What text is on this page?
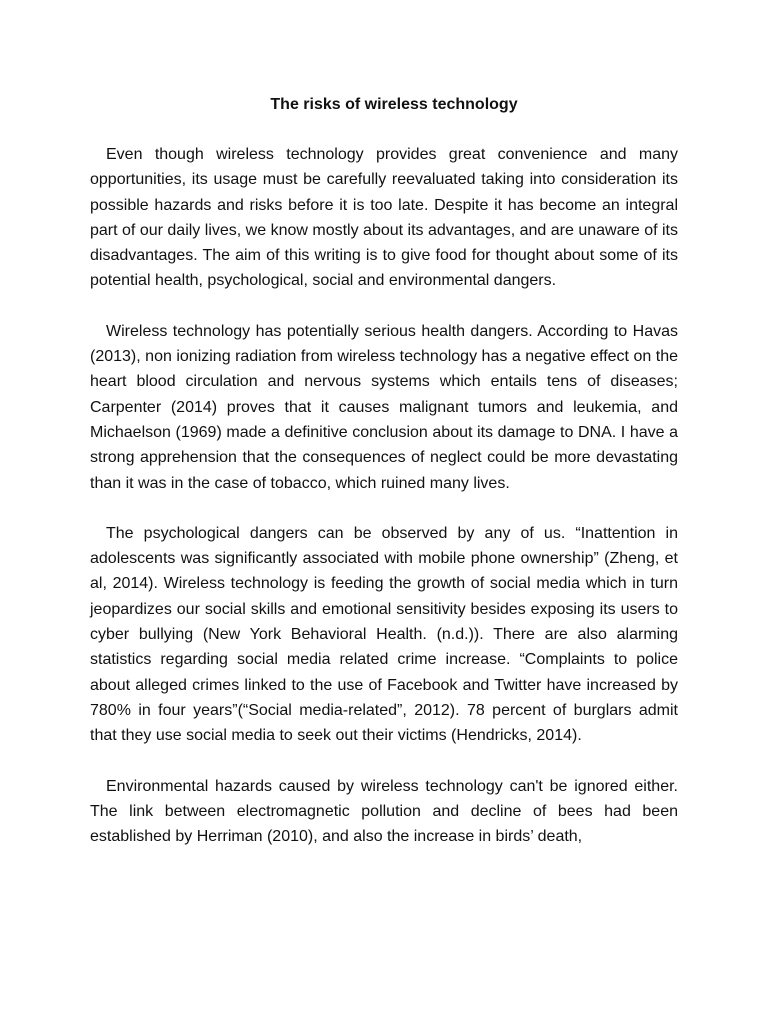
The risks of wireless technology

Even though wireless technology provides great convenience and many opportunities, its usage must be carefully reevaluated taking into consideration its possible hazards and risks before it is too late. Despite it has become an integral part of our daily lives, we know mostly about its advantages, and are unaware of its disadvantages. The aim of this writing is to give food for thought about some of its potential health, psychological, social and environmental dangers.

Wireless technology has potentially serious health dangers. According to Havas (2013), non ionizing radiation from wireless technology has a negative effect on the heart blood circulation and nervous systems which entails tens of diseases; Carpenter (2014) proves that it causes malignant tumors and leukemia, and Michaelson (1969) made a definitive conclusion about its damage to DNA. I have a strong apprehension that the consequences of neglect could be more devastating than it was in the case of tobacco, which ruined many lives.

The psychological dangers can be observed by any of us. “Inattention in adolescents was significantly associated with mobile phone ownership” (Zheng, et al, 2014). Wireless technology is feeding the growth of social media which in turn jeopardizes our social skills and emotional sensitivity besides exposing its users to cyber bullying (New York Behavioral Health. (n.d.)). There are also alarming statistics regarding social media related crime increase. “Complaints to police about alleged crimes linked to the use of Facebook and Twitter have increased by 780% in four years”(“Social media-related”, 2012). 78 percent of burglars admit that they use social media to seek out their victims (Hendricks, 2014).

Environmental hazards caused by wireless technology can't be ignored either. The link between electromagnetic pollution and decline of bees had been established by Herriman (2010), and also the increase in birds’ death,
